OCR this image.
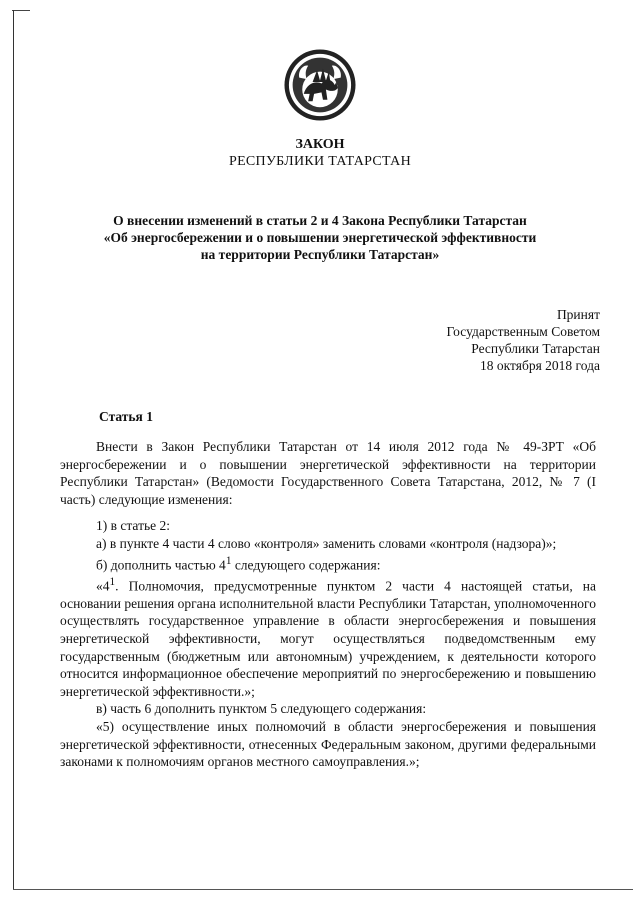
ЗАКОН
РЕСПУБЛИКИ ТАТАРСТАН
О внесении изменений в статьи 2 и 4 Закона Республики Татарстан
«Об энергосбережении и о повышении энергетической эффективности
на территории Республики Татарстан»
Принят
Государственным Советом
Республики Татарстан
18 октября 2018 года
Статья 1

Внести в Закон Республики Татарстан от 14 июля 2012 года № 49-ЗРТ «Об энергосбережении и о повышении энергетической эффективности на территории Республики Татарстан» (Ведомости Государственного Совета Татарстана, 2012, № 7 (I часть) следующие изменения:

1) в статье 2:

а) в пункте 4 части 4 слово «контроля» заменить словами «контроля (надзора)»;

б) дополнить частью $4^1$ следующего содержания:

«$4^1$. Полномочия, предусмотренные пунктом 2 части 4 настоящей статьи, на основании решения органа исполнительной власти Республики Татарстан, уполномоченного осуществлять государственное управление в области энергосбережения и повышения энергетической эффективности, могут осуществляться подведомственным ему государственным (бюджетным или автономным) учреждением, к деятельности которого относится информационное обеспечение мероприятий по энергосбережению и повышению энергетической эффективности.»;

в) часть 6 дополнить пунктом 5 следующего содержания:

«5) осуществление иных полномочий в области энергосбережения и повышения энергетической эффективности, отнесенных Федеральным законом, другими федеральными законами к полномочиям органов местного самоуправления.»;
